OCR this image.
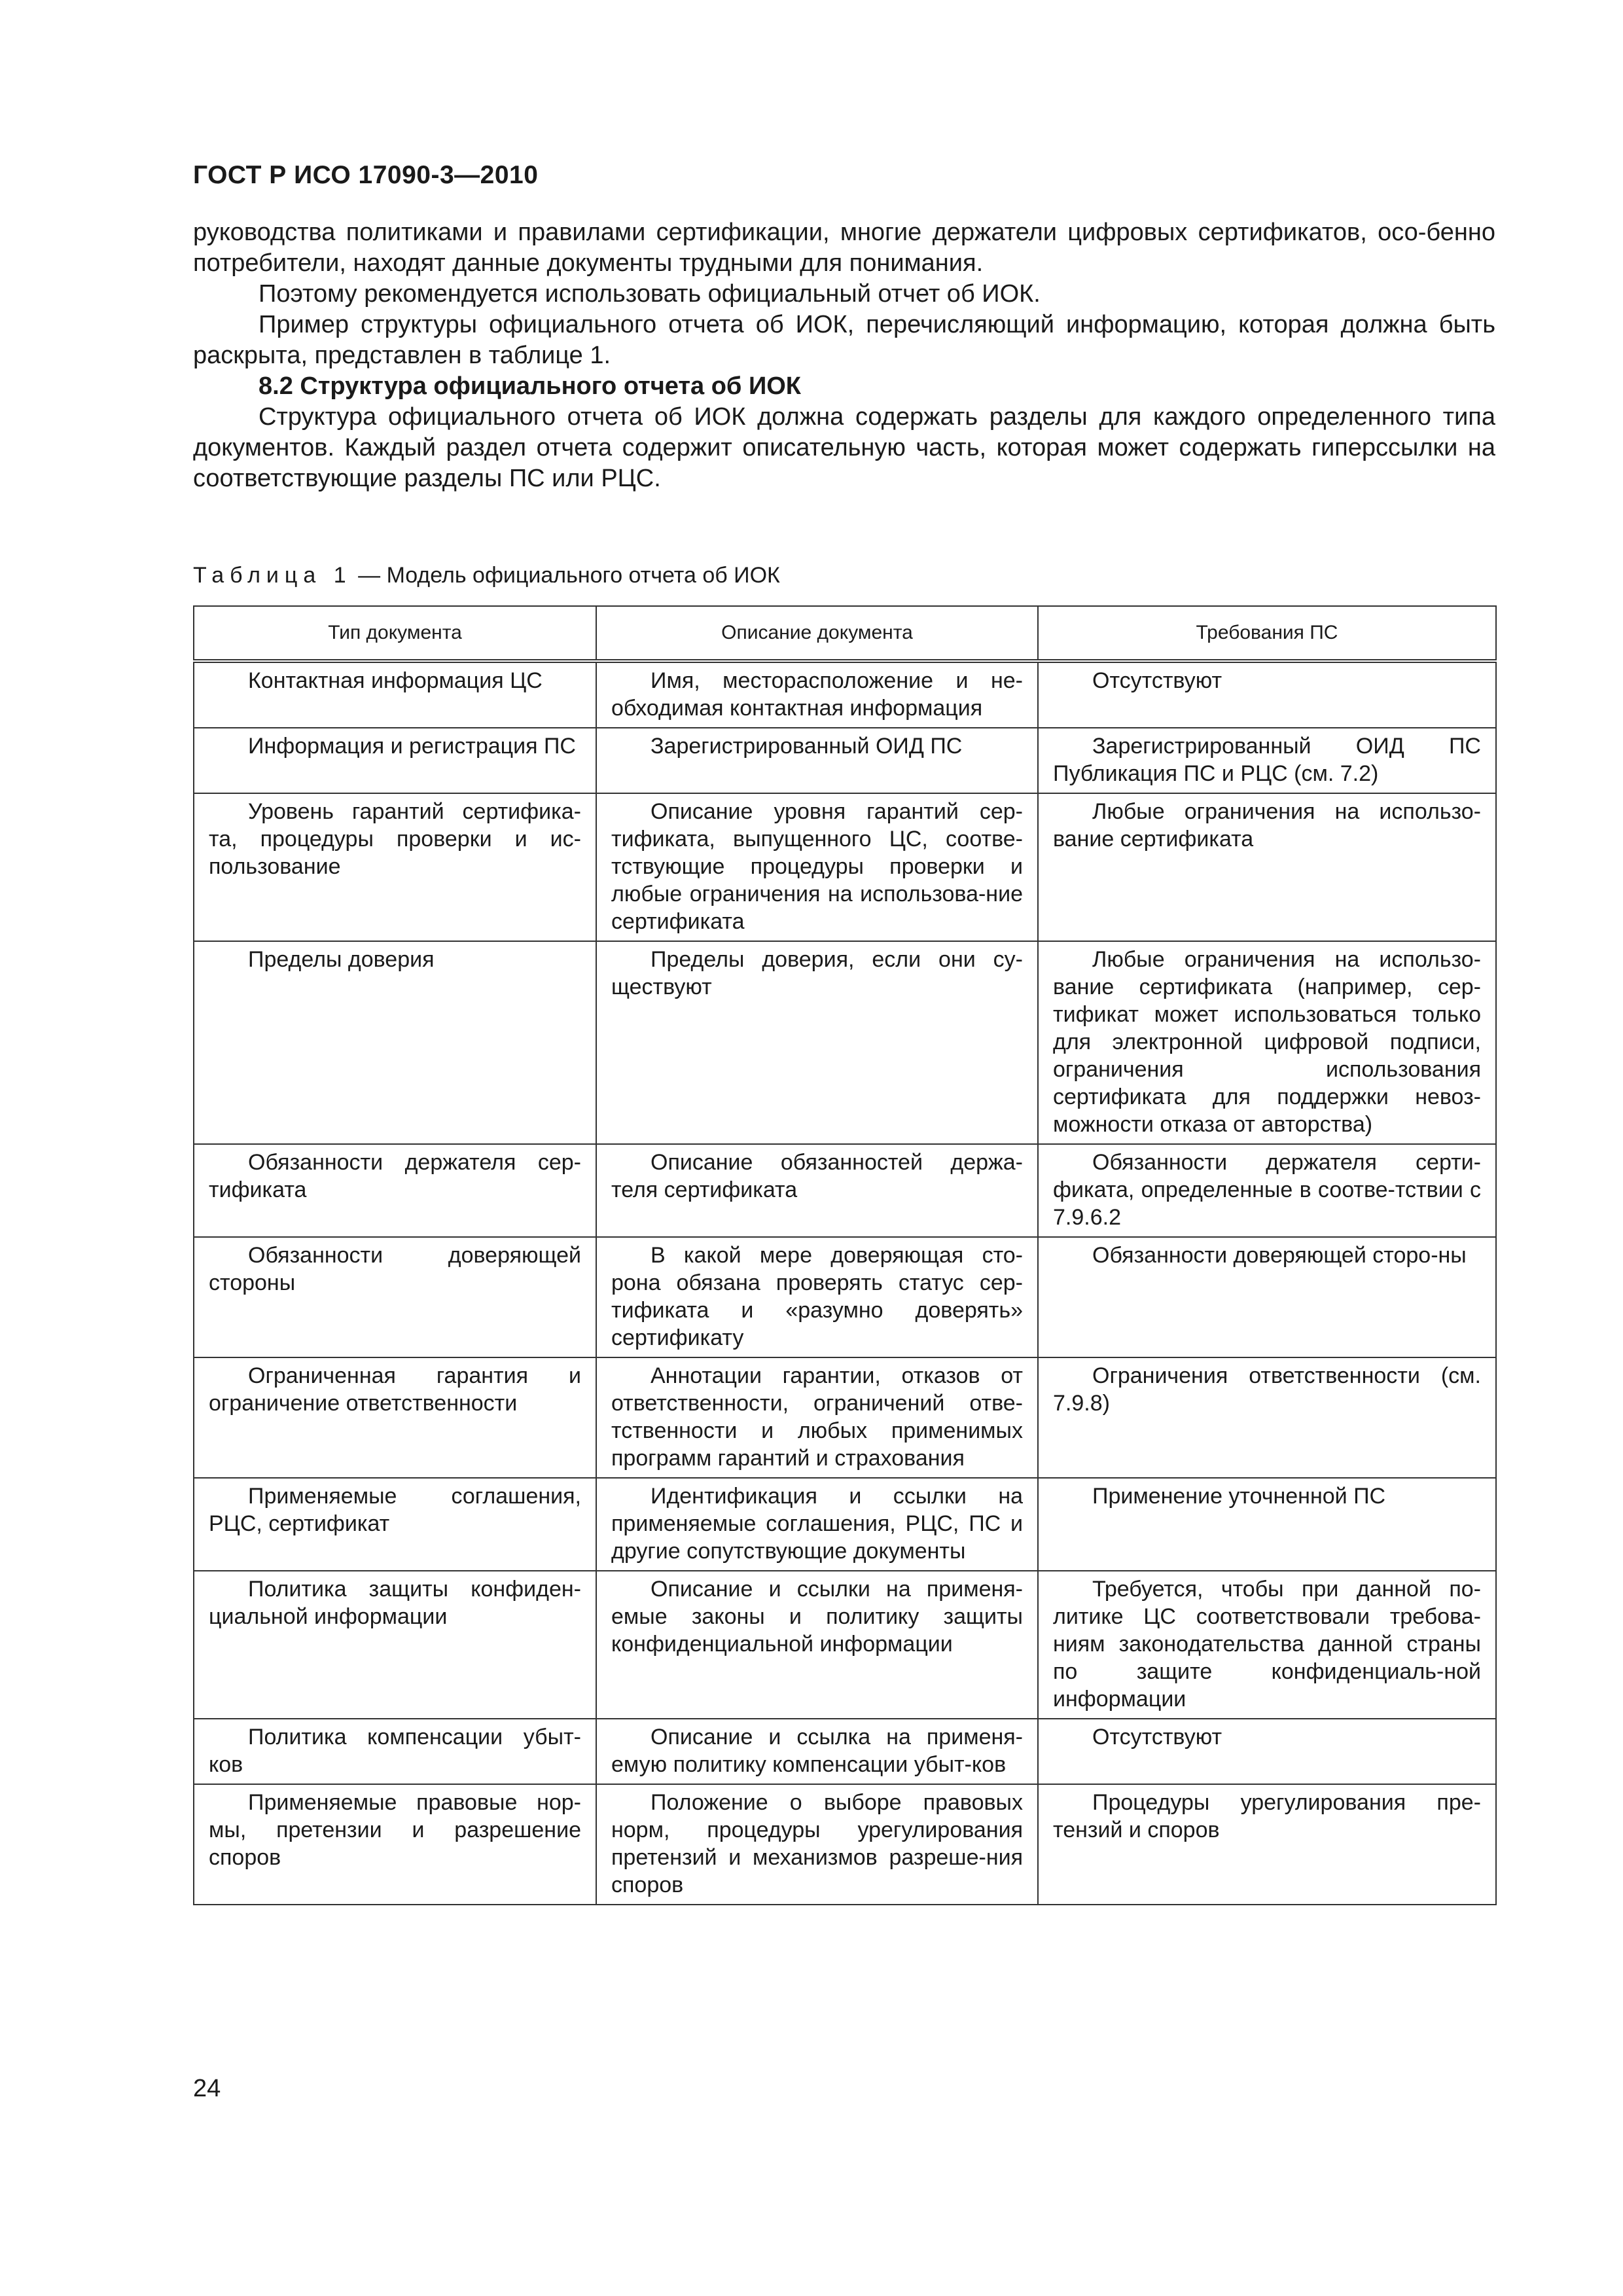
ГОСТ Р ИСО 17090-3—2010

руководства политиками и правилами сертификации, многие держатели цифровых сертификатов, осо-бенно потребители, находят данные документы трудными для понимания.

Поэтому рекомендуется использовать официальный отчет об ИОК.

Пример структуры официального отчета об ИОК, перечисляющий информацию, которая должна быть раскрыта, представлен в таблице 1.

8.2 Структура официального отчета об ИОК

Структура официального отчета об ИОК должна содержать разделы для каждого определенного типа документов. Каждый раздел отчета содержит описательную часть, которая может содержать гиперссылки на соответствующие разделы ПС или РЦС.

Таблица 1 — Модель официального отчета об ИОК
Тип документа	Описание документа	Требования ПС

Контактная информация ЦС	Имя, месторасположение и не-обходимая контактная информация	Отсутствуют

Информация и регистрация ПС	Зарегистрированный ОИД ПС	Зарегистрированный ОИД ПС Публикация ПС и РЦС (см. 7.2)

Уровень гарантий сертифика-та, процедуры проверки и ис-пользование	Описание уровня гарантий сер-тификата, выпущенного ЦС, соотве-тствующие процедуры проверки и любые ограничения на использова-ние сертификата	Любые ограничения на использо-вание сертификата

Пределы доверия	Пределы доверия, если они су-ществуют	Любые ограничения на использо-вание сертификата (например, сер-тификат может использоваться только для электронной цифровой подписи, ограничения использования сертификата для поддержки невоз-можности отказа от авторства)

Обязанности держателя сер-тификата	Описание обязанностей держа-теля сертификата	Обязанности держателя серти-фиката, определенные в соотве-тствии с 7.9.6.2

Обязанности доверяющей стороны	В какой мере доверяющая сто-рона обязана проверять статус сер-тификата и «разумно доверять» сертификату	Обязанности доверяющей сторо-ны

Ограниченная гарантия и ограничение ответственности	Аннотации гарантии, отказов от ответственности, ограничений отве-тственности и любых применимых программ гарантий и страхования	Ограничения ответственности (см. 7.9.8)

Применяемые соглашения, РЦС, сертификат	Идентификация и ссылки на применяемые соглашения, РЦС, ПС и другие сопутствующие документы	Применение уточненной ПС

Политика защиты конфиден-циальной информации	Описание и ссылки на применя-емые законы и политику защиты конфиденциальной информации	Требуется, чтобы при данной по-литике ЦС соответствовали требова-ниям законодательства данной страны по защите конфиденциаль-ной информации

Политика компенсации убыт-ков	Описание и ссылка на применя-емую политику компенсации убыт-ков	Отсутствуют

Применяемые правовые нор-мы, претензии и разрешение споров	Положение о выборе правовых норм, процедуры урегулирования претензий и механизмов разреше-ния споров	Процедуры урегулирования пре-тензий и споров
24
